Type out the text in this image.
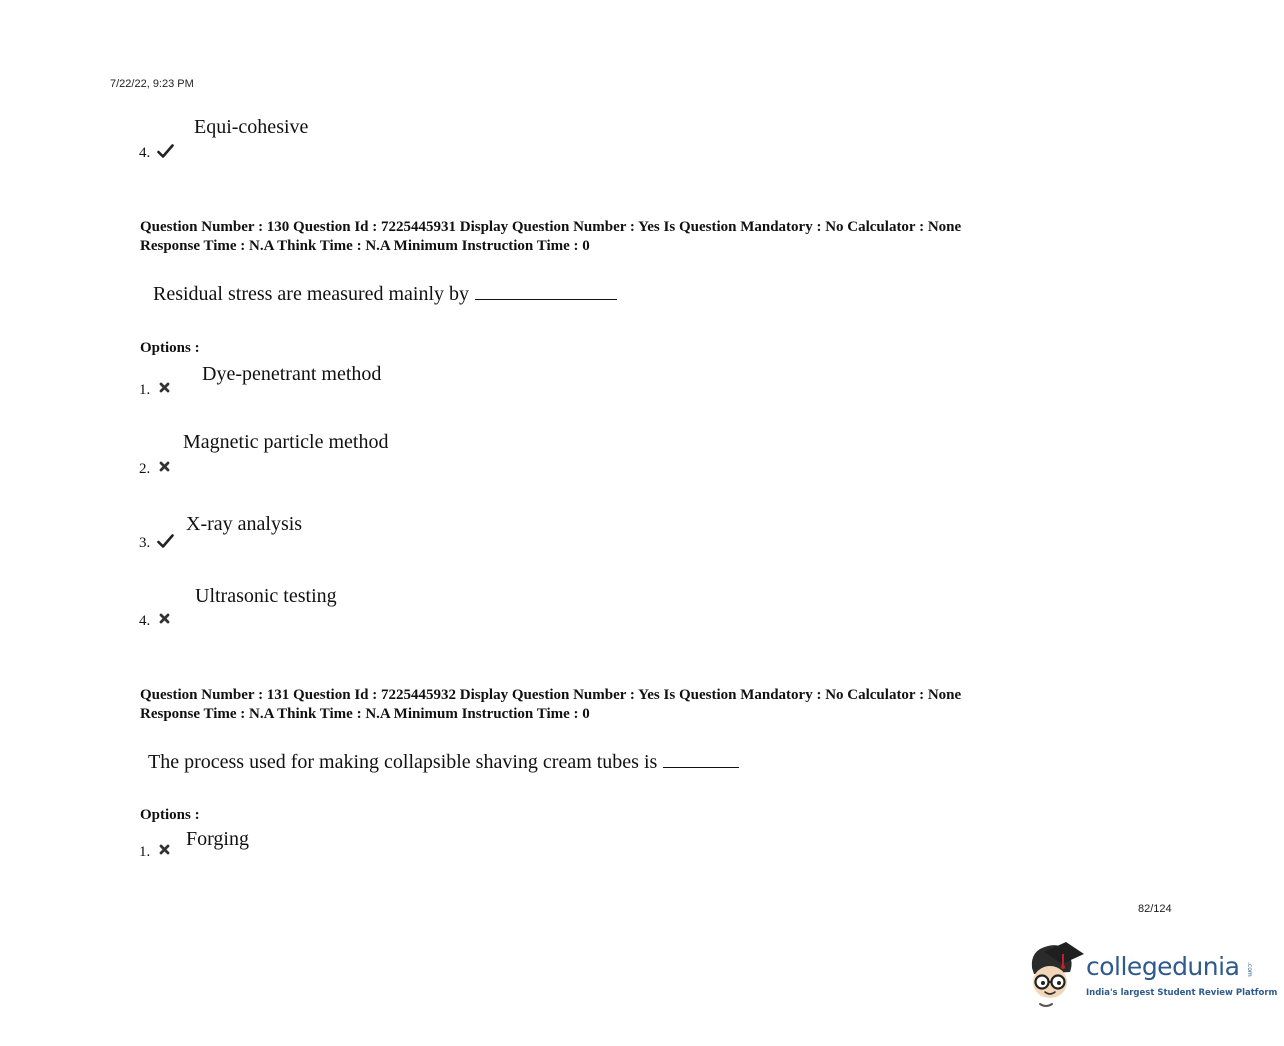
7/22/22, 9:23 PM
Equi-cohesive
4.
Question Number : 130 Question Id : 7225445931 Display Question Number : Yes Is Question Mandatory : No Calculator : None
Response Time : N.A Think Time : N.A Minimum Instruction Time : 0
Residual stress are measured mainly by
Options :
Dye-penetrant method
1.
Magnetic particle method
2.
X-ray analysis
3.
Ultrasonic testing
4.
Question Number : 131 Question Id : 7225445932 Display Question Number : Yes Is Question Mandatory : No Calculator : None
Response Time : N.A Think Time : N.A Minimum Instruction Time : 0
The process used for making collapsible shaving cream tubes is
Options :
Forging
1.
82/124
collegedunia .com
India's largest Student Review Platform
